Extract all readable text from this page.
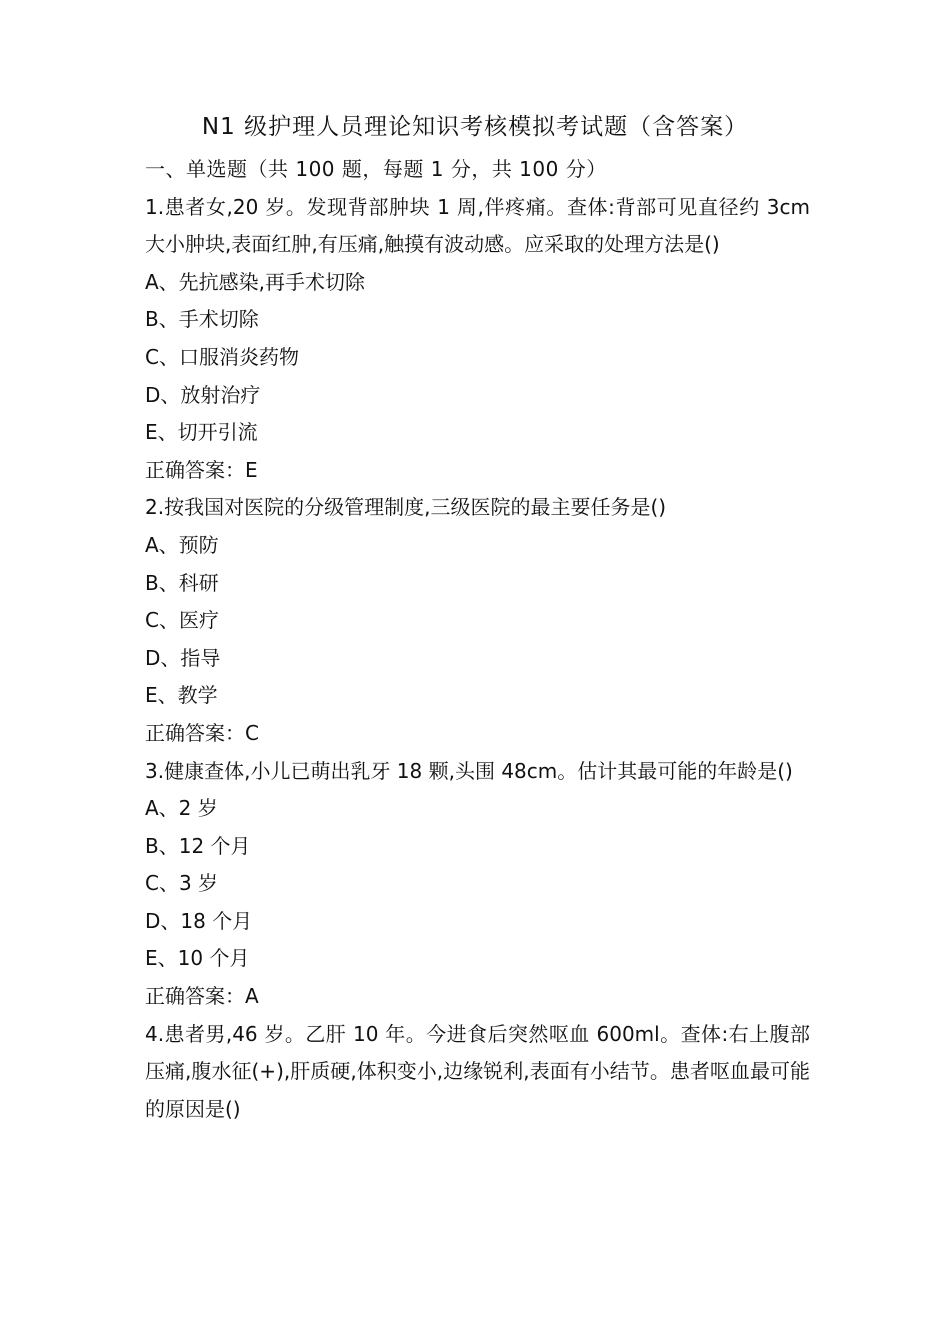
N1 级护理人员理论知识考核模拟考试题（含答案）
一、单选题（共 100 题，每题 1 分，共 100 分）
1.患者女,20 岁。发现背部肿块 1 周,伴疼痛。查体:背部可见直径约 3cm 大小肿块,表面红肿,有压痛,触摸有波动感。应采取的处理方法是()
A、先抗感染,再手术切除
B、手术切除
C、口服消炎药物
D、放射治疗
E、切开引流
正确答案：E
2.按我国对医院的分级管理制度,三级医院的最主要任务是()
A、预防
B、科研
C、医疗
D、指导
E、教学
正确答案：C
3.健康查体,小儿已萌出乳牙 18 颗,头围 48cm。估计其最可能的年龄是()
A、2 岁
B、12 个月
C、3 岁
D、18 个月
E、10 个月
正确答案：A
4.患者男,46 岁。乙肝 10 年。今进食后突然呕血 600ml。查体:右上腹部压痛,腹水征(+),肝质硬,体积变小,边缘锐利,表面有小结节。患者呕血最可能的原因是()
